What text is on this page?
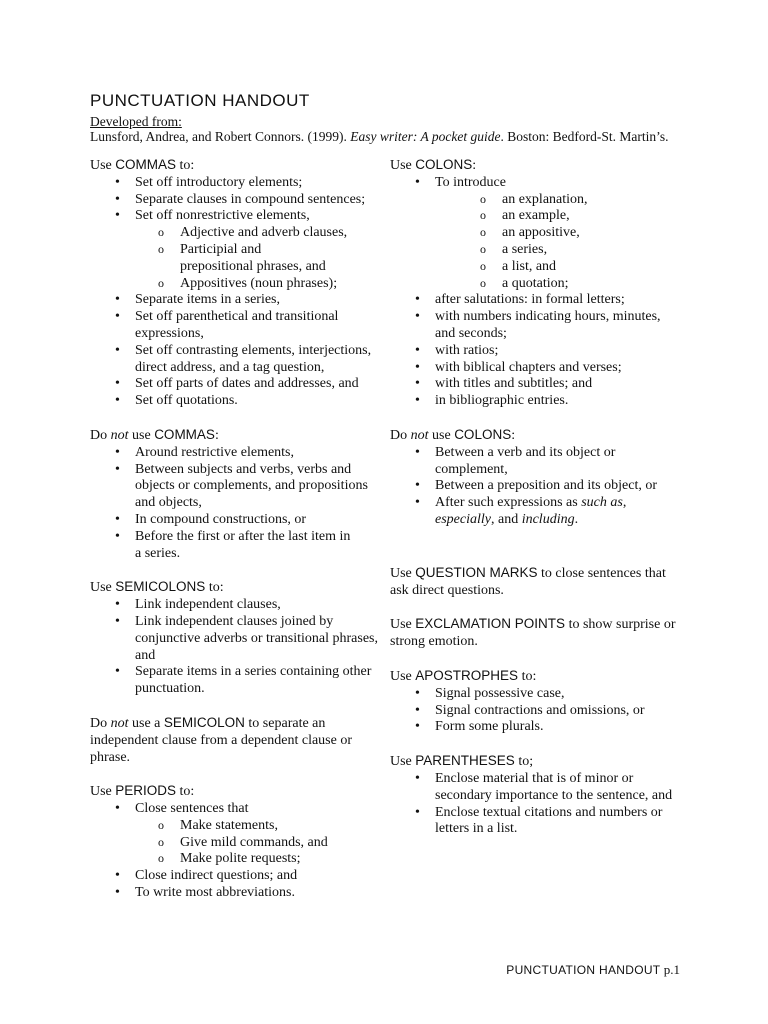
PUNCTUATION HANDOUT
Developed from:
Lunsford, Andrea, and Robert Connors. (1999). Easy writer: A pocket guide. Boston: Bedford-St. Martin’s.

Use COMMAS to:

• Set off introductory elements;
• Separate clauses in compound sentences;
• Set off nonrestrictive elements,
o Adjective and adverb clauses,
o Participial and prepositional phrases, and
o Appositives (noun phrases);
• Separate items in a series,
• Set off parenthetical and transitional expressions,
• Set off contrasting elements, interjections, direct address, and a tag question,
• Set off parts of dates and addresses, and
• Set off quotations.

Do not use COMMAS:

• Around restrictive elements,
• Between subjects and verbs, verbs and objects or complements, and propositions and objects,
• In compound constructions, or
• Before the first or after the last item in a series.

Use SEMICOLONS to:

• Link independent clauses,
• Link independent clauses joined by conjunctive adverbs or transitional phrases, and
• Separate items in a series containing other punctuation.

Do not use a SEMICOLON to separate an independent clause from a dependent clause or phrase.

Use PERIODS to:

• Close sentences that
o Make statements,
o Give mild commands, and
o Make polite requests;
• Close indirect questions; and
• To write most abbreviations.

Use COLONS:

• To introduce
o an explanation,
o an example,
o an appositive,
o a series,
o a list, and
o a quotation;
• after salutations: in formal letters;
• with numbers indicating hours, minutes, and seconds;
• with ratios;
• with biblical chapters and verses;
• with titles and subtitles; and
• in bibliographic entries.

Do not use COLONS:

• Between a verb and its object or complement,
• Between a preposition and its object, or
• After such expressions as such as, especially, and including.

Use QUESTION MARKS to close sentences that ask direct questions.

Use EXCLAMATION POINTS to show surprise or strong emotion.

Use APOSTROPHES to:

• Signal possessive case,
• Signal contractions and omissions, or
• Form some plurals.

Use PARENTHESES to;

• Enclose material that is of minor or secondary importance to the sentence, and
• Enclose textual citations and numbers or letters in a list.
PUNCTUATION HANDOUT p.1
